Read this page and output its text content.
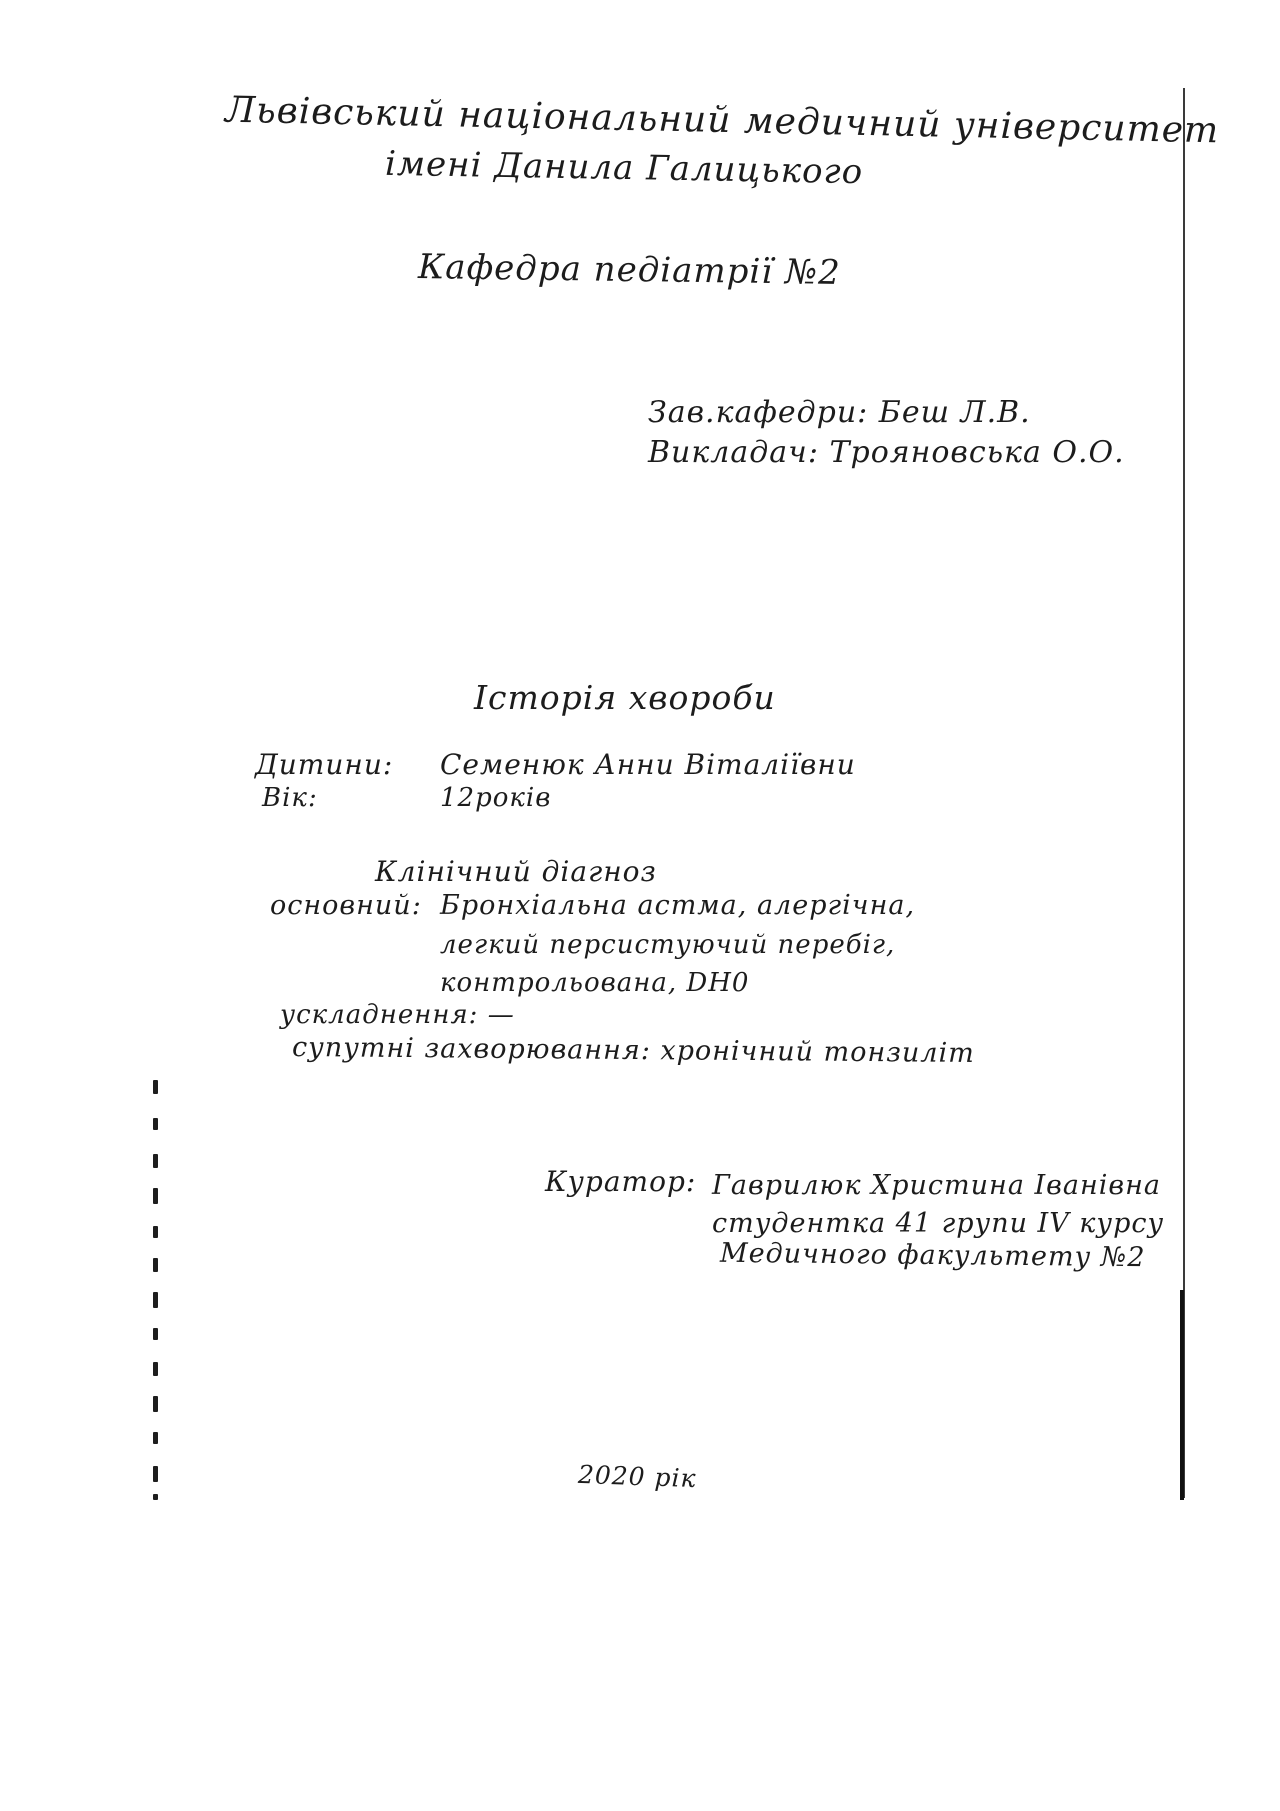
Львівський національний медичний університет
імені Данила Галицького
Кафедра педіатрії №2
Зав.кафедри: Беш Л.В.
Викладач: Трояновська О.О.
Історія хвороби
Дитини: Семенюк Анни Віталіївни
Вік:	12років
Клінічний діагноз
основний: Бронхіальна астма, алергічна,
легкий персистуючий перебіг,
контрольована, DH0
ускладнення: —
супутні захворювання: хронічний тонзиліт
Куратор: Гаврилюк Христина Іванівна
студентка 41 групи IV курсу
Медичного факультету №2
2020 рік
